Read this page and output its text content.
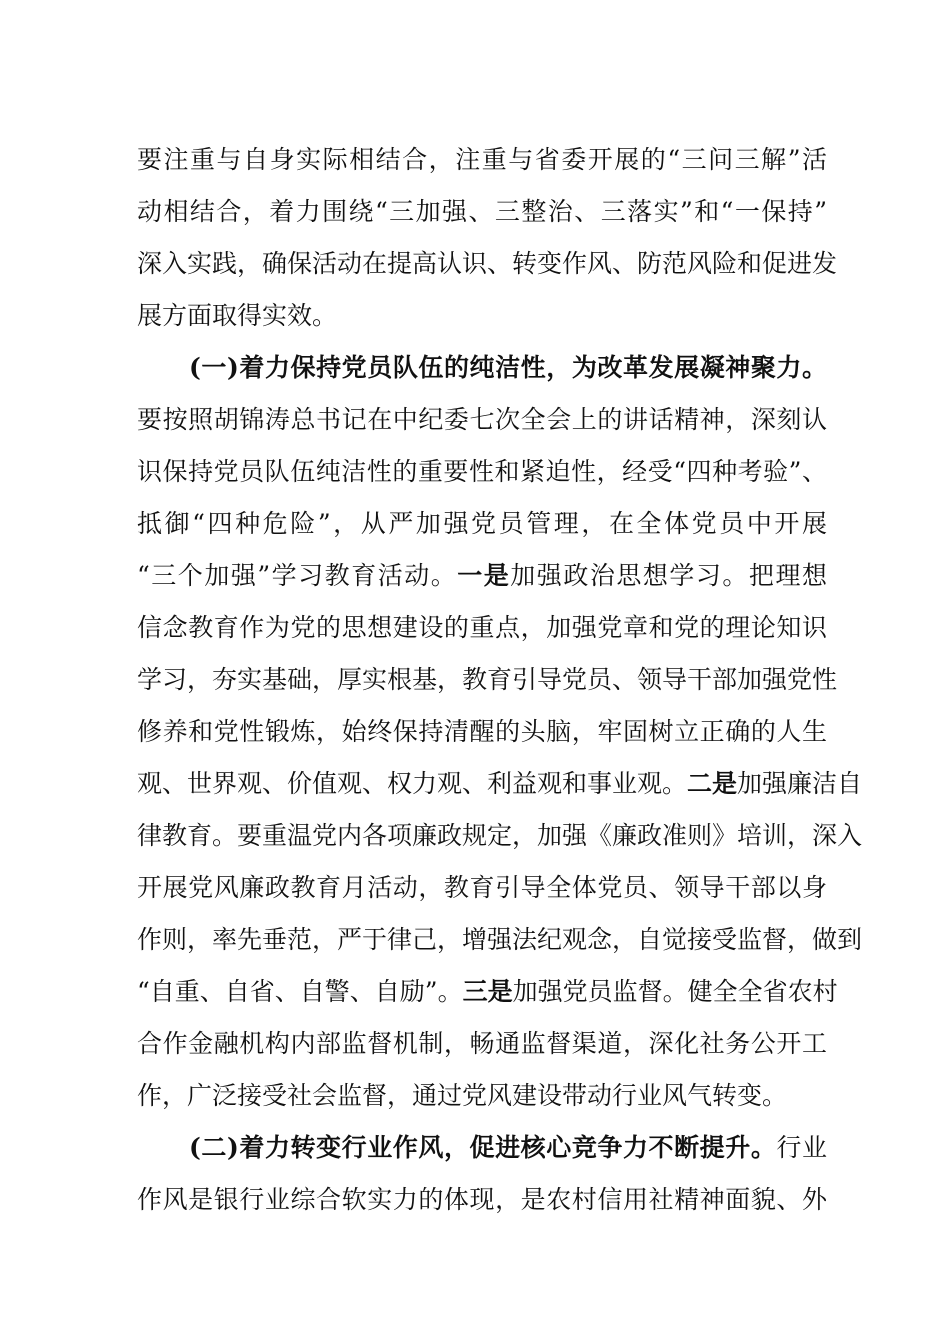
要注重与自身实际相结合，注重与省委开展的“三问三解”活
动相结合，着力围绕“三加强、三整治、三落实”和“一保持”
深入实践，确保活动在提高认识、转变作风、防范风险和促进发
展方面取得实效。
(一)着力保持党员队伍的纯洁性，为改革发展凝神聚力。
要按照胡锦涛总书记在中纪委七次全会上的讲话精神，深刻认
识保持党员队伍纯洁性的重要性和紧迫性，经受“四种考验”、
抵御“四种危险”，从严加强党员管理，在全体党员中开展
“三个加强”学习教育活动。一是加强政治思想学习。把理想
信念教育作为党的思想建设的重点，加强党章和党的理论知识
学习，夯实基础，厚实根基，教育引导党员、领导干部加强党性
修养和党性锻炼，始终保持清醒的头脑，牢固树立正确的人生
观、世界观、价值观、权力观、利益观和事业观。二是加强廉洁自
律教育。要重温党内各项廉政规定，加强《廉政准则》培训，深入
开展党风廉政教育月活动，教育引导全体党员、领导干部以身
作则，率先垂范，严于律己，增强法纪观念，自觉接受监督，做到
“自重、自省、自警、自励”。三是加强党员监督。健全全省农村
合作金融机构内部监督机制，畅通监督渠道，深化社务公开工
作，广泛接受社会监督，通过党风建设带动行业风气转变。
(二)着力转变行业作风，促进核心竞争力不断提升。行业
作风是银行业综合软实力的体现，是农村信用社精神面貌、外
